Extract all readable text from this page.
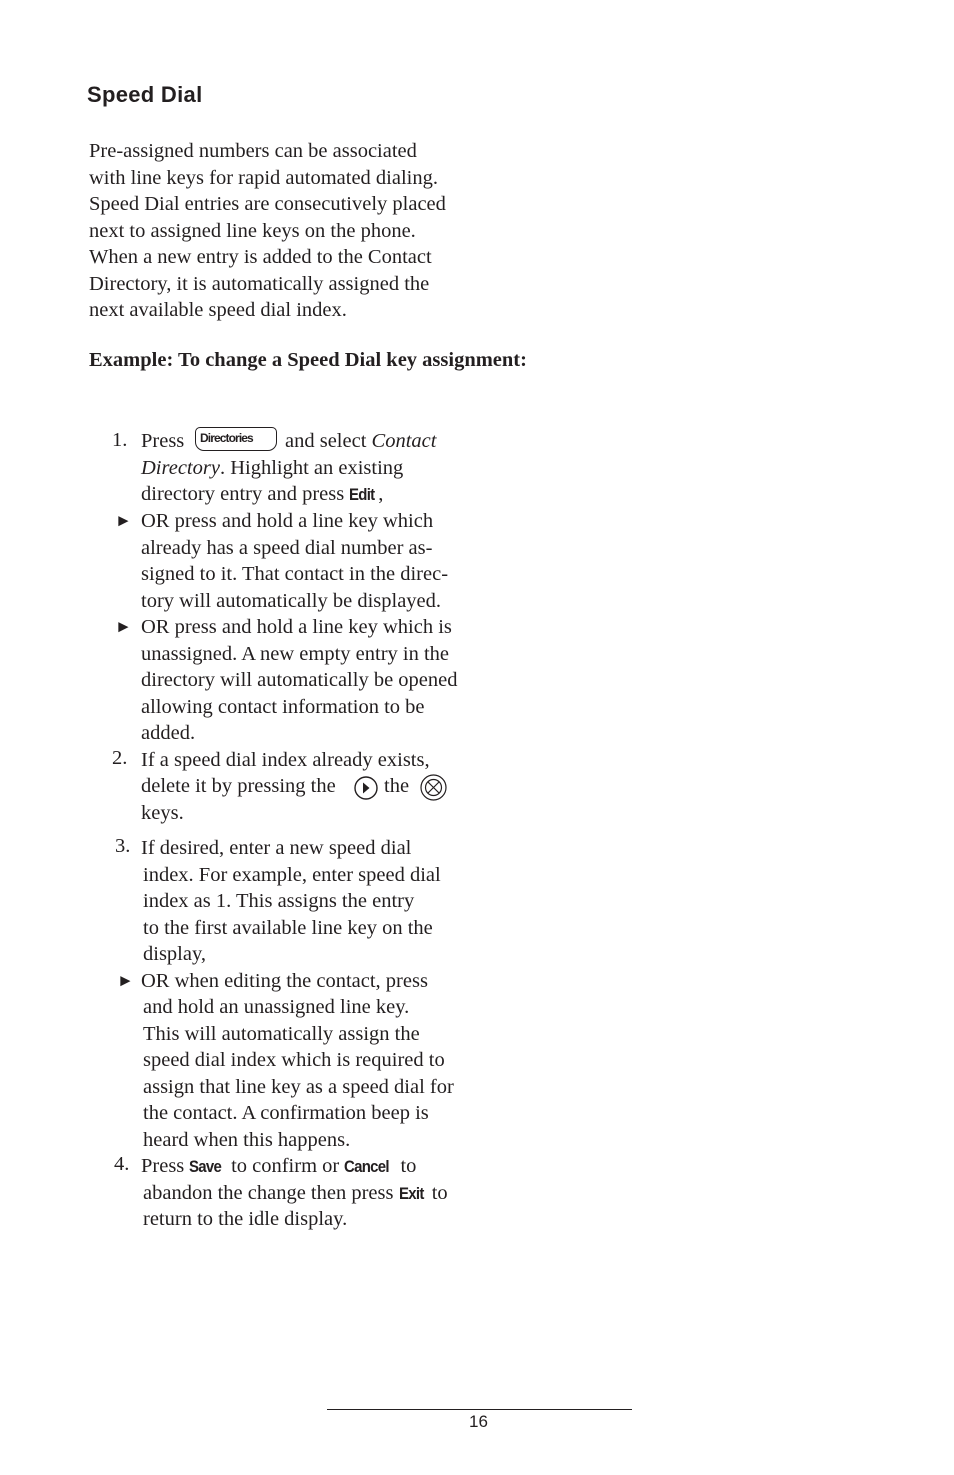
Speed Dial
Pre-assigned numbers can be associated
with line keys for rapid automated dialing.
Speed Dial entries are consecutively placed
next to assigned line keys on the phone.
When a new entry is added to the Contact
Directory, it is automatically assigned the
next available speed dial index.
Example: To change a Speed Dial key assignment:
1. Press Directories and select Contact
Directory. Highlight an existing
directory entry and press Edit ,
► OR press and hold a line key which
already has a speed dial number as-
signed to it. That contact in the direc-
tory will automatically be displayed.
► OR press and hold a line key which is
unassigned. A new empty entry in the
directory will automatically be opened
allowing contact information to be
added.
2. If a speed dial index already exists,
delete it by pressing the the
keys.
3. If desired, enter a new speed dial
index. For example, enter speed dial
index as 1. This assigns the entry
to the first available line key on the
display,
► OR when editing the contact, press
and hold an unassigned line key.
This will automatically assign the
speed dial index which is required to
assign that line key as a speed dial for
the contact. A confirmation beep is
heard when this happens.
4. Press Save to confirm or Cancel to
abandon the change then press Exit to
return to the idle display.
16
